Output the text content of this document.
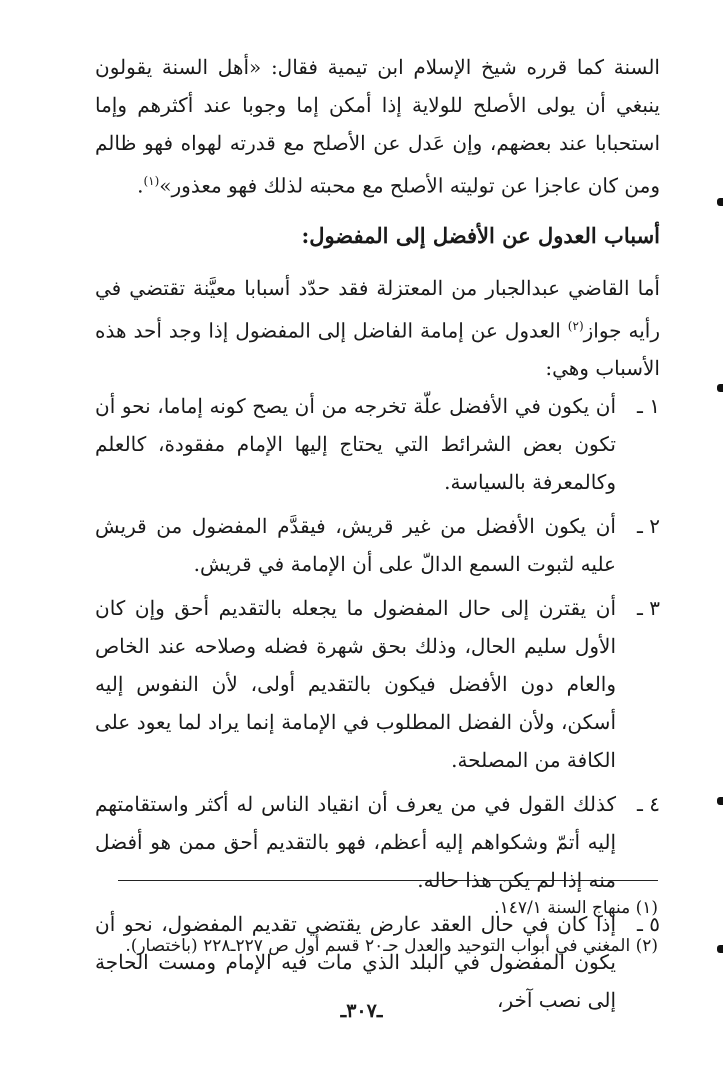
السنة كما قرره شيخ الإسلام ابن تيمية فقال: «أهل السنة يقولون ينبغي أن يولى الأصلح للولاية إذا أمكن إما وجوبا عند أكثرهم وإما استحبابا عند بعضهم، وإن عَدل عن الأصلح مع قدرته لهواه فهو ظالم ومن كان عاجزا عن توليته الأصلح مع محبته لذلك فهو معذور»$^{(١)}$.

أسباب العدول عن الأفضل إلى المفضول:

أما القاضي عبدالجبار من المعتزلة فقد حدّد أسبابا معيَّنة تقتضي في رأيه جواز$^{(٢)}$ العدول عن إمامة الفاضل إلى المفضول إذا وجد أحد هذه الأسباب وهي:

١ ـ
أن يكون في الأفضل علّة تخرجه من أن يصح كونه إماما، نحو أن تكون بعض الشرائط التي يحتاج إليها الإمام مفقودة، كالعلم وكالمعرفة بالسياسة.
٢ ـ
أن يكون الأفضل من غير قريش، فيقدَّم المفضول من قريش عليه لثبوت السمع الدالّ على أن الإمامة في قريش.
٣ ـ
أن يقترن إلى حال المفضول ما يجعله بالتقديم أحق وإن كان الأول سليم الحال، وذلك بحق شهرة فضله وصلاحه عند الخاص والعام دون الأفضل فيكون بالتقديم أولى، لأن النفوس إليه أسكن، ولأن الفضل المطلوب في الإمامة إنما يراد لما يعود على الكافة من المصلحة.
٤ ـ
كذلك القول في من يعرف أن انقياد الناس له أكثر واستقامتهم إليه أتمّ وشكواهم إليه أعظم، فهو بالتقديم أحق ممن هو أفضل منه إذا لم يكن هذا حاله.
٥ ـ
إذا كان في حال العقد عارض يقتضي تقديم المفضول، نحو أن يكون المفضول في البلد الذي مات فيه الإمام ومست الحاجة إلى نصب آخر،

(١) منهاج السنة ١٤٧/١.

(٢) المغني في أبواب التوحيد والعدل حـ٢٠ قسم أول ص ٢٢٧ـ٢٢٨ (باختصار).

ـ٣٠٧ـ
